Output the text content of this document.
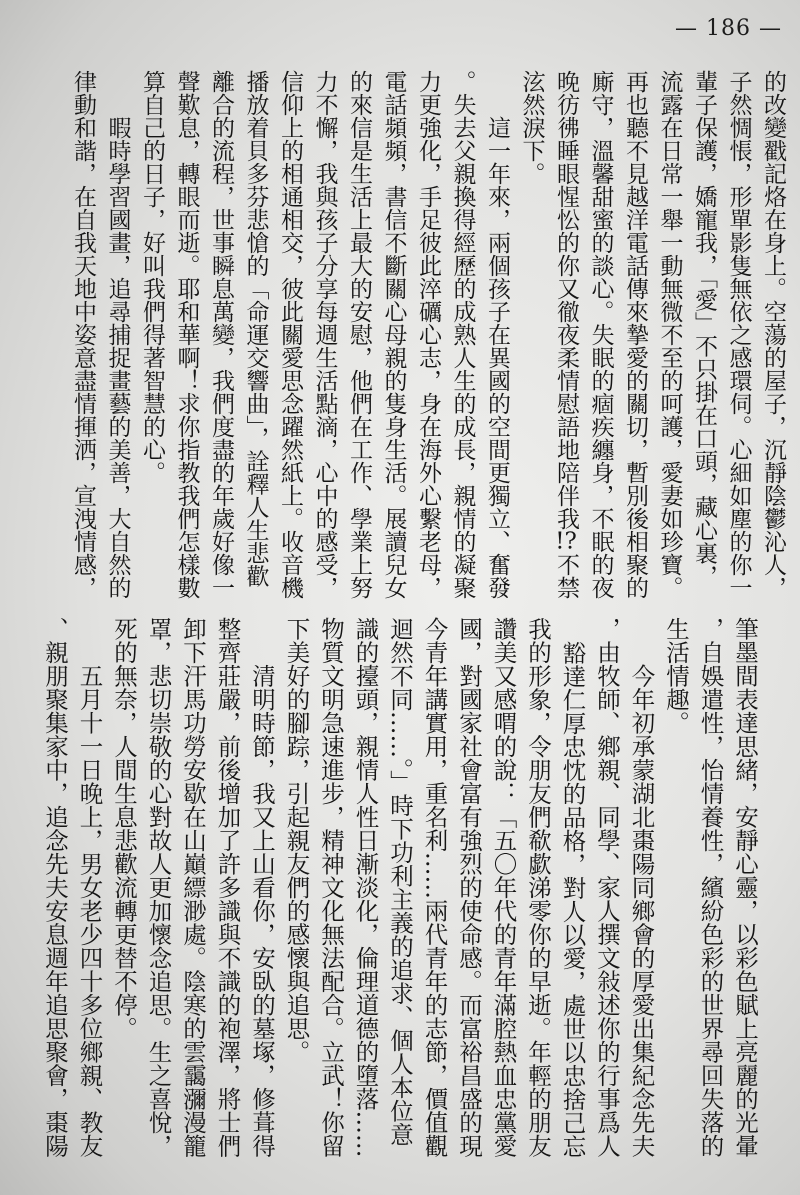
— 186 —
的改變戳記烙在身上。空蕩的屋子，沉靜陰鬱沁人，
子然惆悵，形單影隻無依之感環伺。心細如塵的你一
輩子保護，嬌寵我，「愛」不只掛在口頭，藏心裏，
流露在日常一舉一動無微不至的呵護，愛妻如珍寶。
再也聽不見越洋電話傳來摯愛的關切，暫別後相聚的
廝守，溫馨甜蜜的談心。失眠的痼疾纏身，不眠的夜
晚彷彿睡眼惺忪的你又徹夜柔情慰語地陪伴我!?不禁
泫然淚下。
這一年來，兩個孩子在異國的空間更獨立、奮發
。失去父親換得經歷的成熟人生的成長，親情的凝聚
力更強化，手足彼此淬礪心志，身在海外心繫老母，
電話頻頻，書信不斷關心母親的隻身生活。展讀兒女
的來信是生活上最大的安慰，他們在工作、學業上努
力不懈，我與孩子分享每週生活點滴，心中的感受，
信仰上的相通相交，彼此關愛思念躍然紙上。收音機
播放着貝多芬悲愴的「命運交響曲」，詮釋人生悲歡
離合的流程，世事瞬息萬變，我們度盡的年歲好像一
聲歎息，轉眼而逝。耶和華啊！求你指教我們怎樣數
算自己的日子，好叫我們得著智慧的心。
暇時學習國畫，追尋捕捉畫藝的美善，大自然的
律動和諧，在自我天地中姿意盡情揮洒，宣洩情感，
筆墨間表達思緒，安靜心靈，以彩色賦上亮麗的光暈
，自娛遣性，怡情養性，繽紛色彩的世界尋回失落的
生活情趣。
今年初承蒙湖北棗陽同鄉會的厚愛出集紀念先夫
，由牧師、鄉親、同學、家人撰文敍述你的行事爲人
豁達仁厚忠忱的品格，對人以愛，處世以忠捨己忘
我的形象，令朋友們欷歔涕零你的早逝。年輕的朋友
讚美又感喟的說：「五〇年代的青年滿腔熱血忠黨愛
國，對國家社會富有強烈的使命感。而富裕昌盛的現
今青年講實用，重名利……兩代青年的志節，價值觀
迴然不同……。」時下功利主義的追求、個人本位意
識的擡頭，親情人性日漸淡化，倫理道德的墮落……
物質文明急速進步，精神文化無法配合。立武！你留
下美好的腳踪，引起親友們的感懷與追思。
清明時節，我又上山看你，安臥的墓塚，修葺得
整齊莊嚴，前後增加了許多識與不識的袍澤，將士們
卸下汗馬功勞安歇在山巔縹渺處。陰寒的雲靄瀰漫籠
罩，悲切崇敬的心對故人更加懷念追思。生之喜悅，
死的無奈，人間生息悲歡流轉更替不停。
五月十一日晚上，男女老少四十多位鄉親、教友
、親朋聚集家中，追念先夫安息週年追思聚會，棗陽
